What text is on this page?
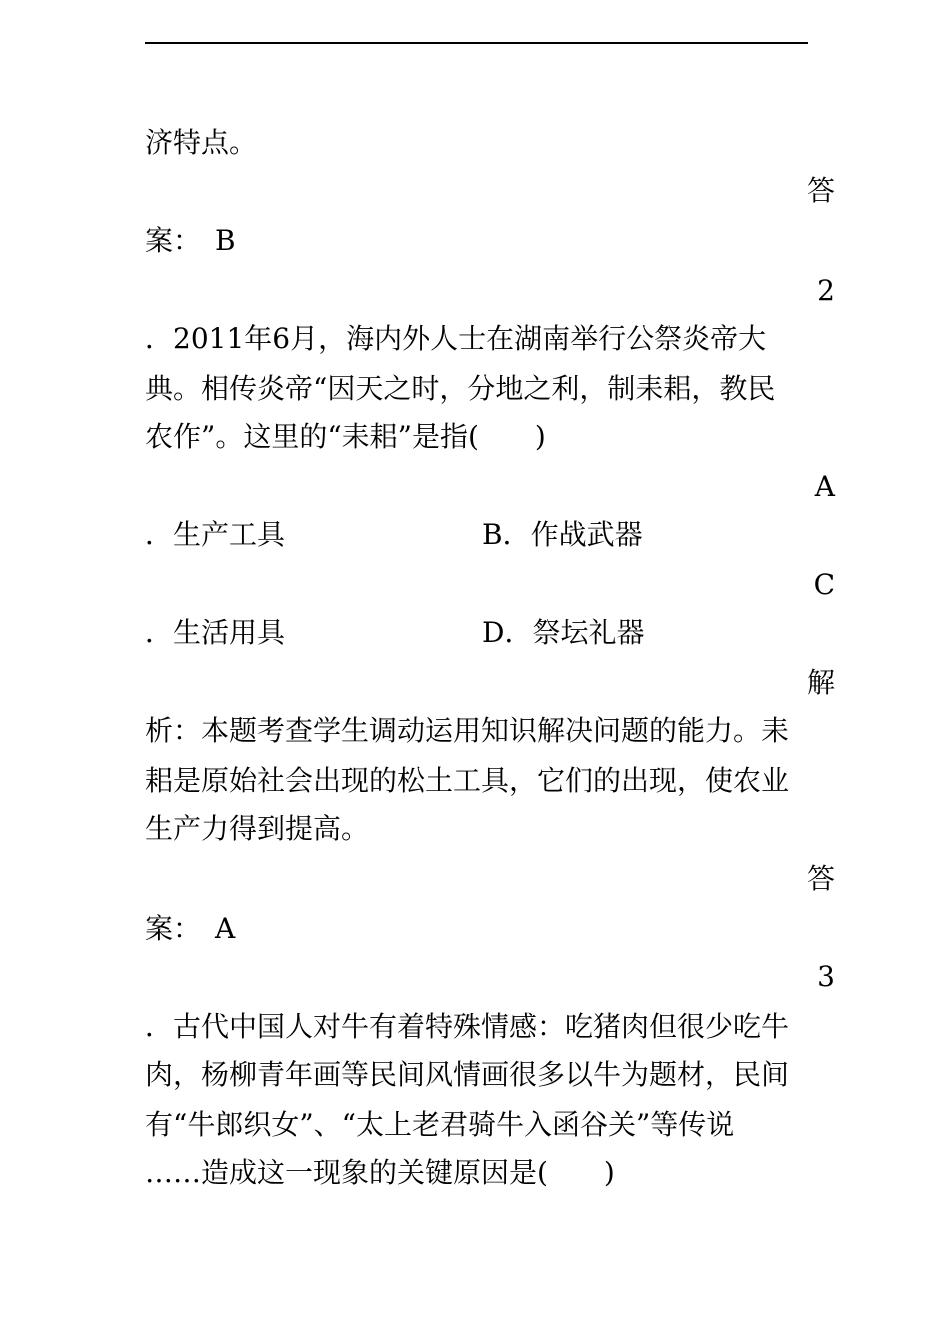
济特点。
答
案：　B
2
．2011年6月，海内外人士在湖南举行公祭炎帝大
典。相传炎帝“因天之时，分地之利，制耒耜，教民
农作”。这里的“耒耜”是指(　　)
A
．生产工具	B．作战武器
C
．生活用具	D．祭坛礼器
解
析：本题考查学生调动运用知识解决问题的能力。耒
耜是原始社会出现的松土工具，它们的出现，使农业
生产力得到提高。
答
案：　A
3
．古代中国人对牛有着特殊情感：吃猪肉但很少吃牛
肉，杨柳青年画等民间风情画很多以牛为题材，民间
有“牛郎织女”、“太上老君骑牛入函谷关”等传说
……造成这一现象的关键原因是(　　)
